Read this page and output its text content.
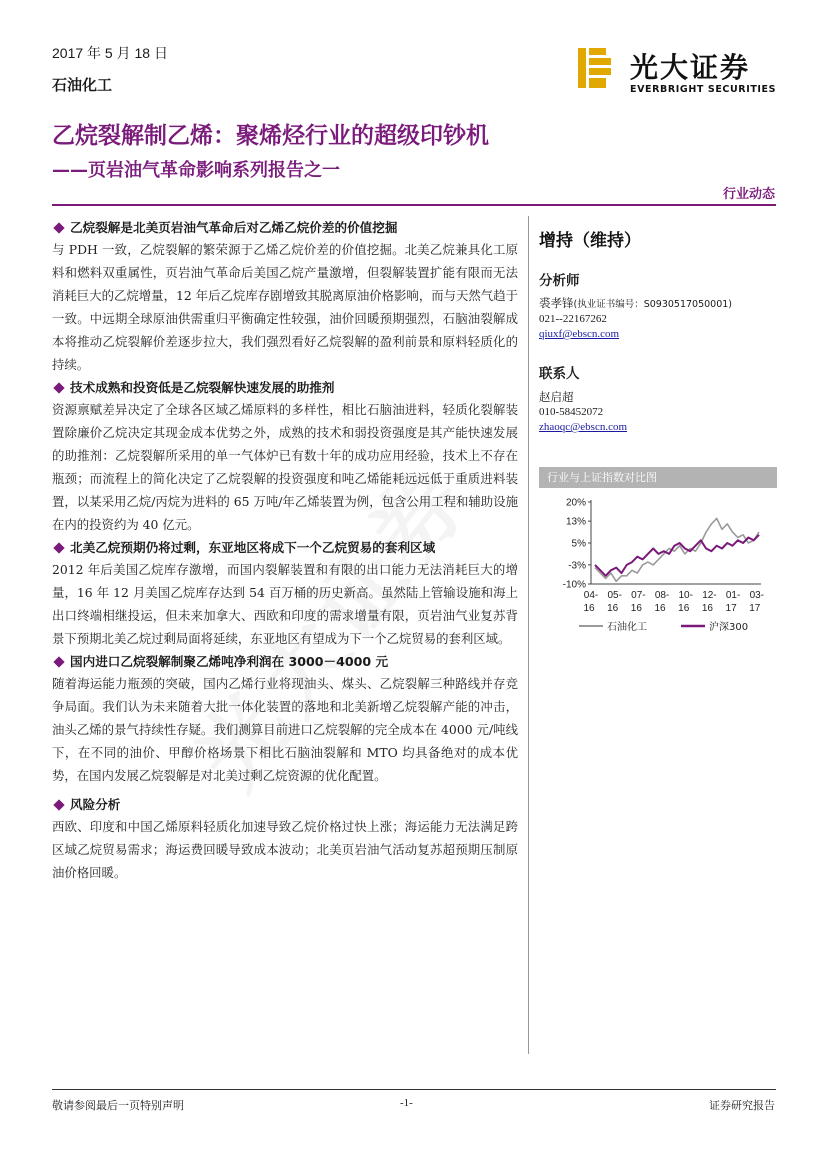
2017 年 5 月 18 日
石油化工
光大证券
EVERBRIGHT SECURITIES
乙烷裂解制乙烯：聚烯烃行业的超级印钞机
——页岩油气革命影响系列报告之一
行业动态
乙烷裂解是北美页岩油气革命后对乙烯乙烷价差的价值挖掘

与 PDH 一致，乙烷裂解的繁荣源于乙烯乙烷价差的价值挖掘。北美乙烷兼具化工原料和燃料双重属性，页岩油气革命后美国乙烷产量激增，但裂解装置扩能有限而无法消耗巨大的乙烷增量，12 年后乙烷库存剧增致其脱离原油价格影响，而与天然气趋于一致。中远期全球原油供需重归平衡确定性较强，油价回暖预期强烈，石脑油裂解成本将推动乙烷裂解价差逐步拉大，我们强烈看好乙烷裂解的盈利前景和原料轻质化的持续。

技术成熟和投资低是乙烷裂解快速发展的助推剂

资源禀赋差异决定了全球各区域乙烯原料的多样性，相比石脑油进料，轻质化裂解装置除廉价乙烷决定其现金成本优势之外，成熟的技术和弱投资强度是其产能快速发展的助推剂：乙烷裂解所采用的单一气体炉已有数十年的成功应用经验，技术上不存在瓶颈；而流程上的简化决定了乙烷裂解的投资强度和吨乙烯能耗远远低于重质进料装置，以某采用乙烷/丙烷为进料的 65 万吨/年乙烯装置为例，包含公用工程和辅助设施在内的投资约为 40 亿元。

北美乙烷预期仍将过剩，东亚地区将成下一个乙烷贸易的套利区域

2012 年后美国乙烷库存激增，而国内裂解装置和有限的出口能力无法消耗巨大的增量，16 年 12 月美国乙烷库存达到 54 百万桶的历史新高。虽然陆上管输设施和海上出口终端相继投运，但未来加拿大、西欧和印度的需求增量有限，页岩油气业复苏背景下预期北美乙烷过剩局面将延续，东亚地区有望成为下一个乙烷贸易的套利区域。

国内进口乙烷裂解制聚乙烯吨净利润在 3000－4000 元

随着海运能力瓶颈的突破，国内乙烯行业将现油头、煤头、乙烷裂解三种路线并存竞争局面。我们认为未来随着大批一体化装置的落地和北美新增乙烷裂解产能的冲击，油头乙烯的景气持续性存疑。我们测算目前进口乙烷裂解的完全成本在 4000 元/吨线下，在不同的油价、甲醇价格场景下相比石脑油裂解和 MTO 均具备绝对的成本优势，在国内发展乙烷裂解是对北美过剩乙烷资源的优化配置。

风险分析

西欧、印度和中国乙烯原料轻质化加速导致乙烷价格过快上涨；海运能力无法满足跨区域乙烷贸易需求；海运费回暖导致成本波动；北美页岩油气活动复苏超预期压制原油价格回暖。

增持（维持）
分析师
裘孝锋(执业证书编号：S0930517050001)
021--22167262
qiuxf@ebscn.com
联系人
赵启超
010-58452072
zhaoqc@ebscn.com
行业与上证指数对比图
20%
13%
5%
-3%
-10%
04-
16
05-
16
07-
16
08-
16
10-
16
12-
16
01-
17
03-
17
石油化工	沪深300
敬请参阅最后一页特别声明	-1-	证券研究报告
